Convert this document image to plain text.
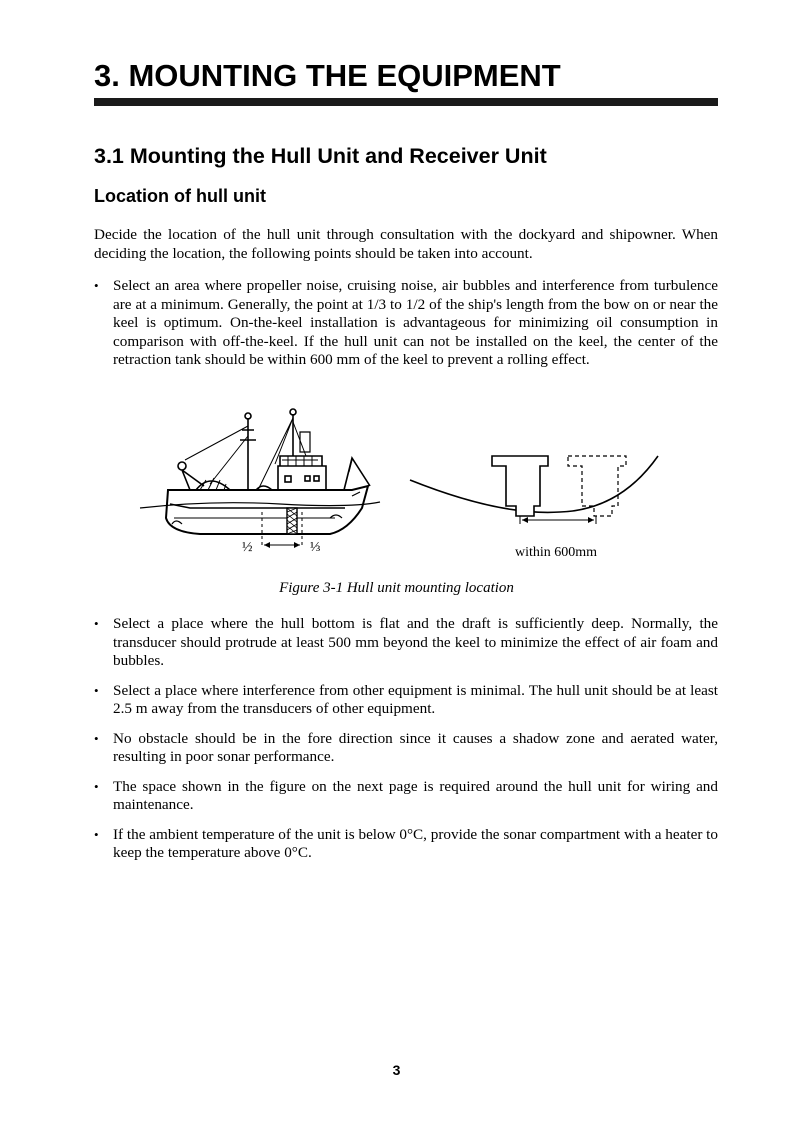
3. MOUNTING THE EQUIPMENT
3.1 Mounting the Hull Unit and Receiver Unit
Location of hull unit

Decide the location of the hull unit through consultation with the dockyard and shipowner. When deciding the location, the following points should be taken into account.

• Select an area where propeller noise, cruising noise, air bubbles and interference from turbulence are at a minimum. Generally, the point at 1/3 to 1/2 of the ship's length from the bow on or near the keel is optimum. On-the-keel installation is advantageous for minimizing oil consumption in comparison with off-the-keel. If the hull unit can not be installed on the keel, the center of the retraction tank should be within 600 mm of the keel to prevent a rolling effect.
½	⅓	within 600mm

Figure 3-1 Hull unit mounting location

• Select a place where the hull bottom is flat and the draft is sufficiently deep. Normally, the transducer should protrude at least 500 mm beyond the keel to minimize the effect of air foam and bubbles.
• Select a place where interference from other equipment is minimal. The hull unit should be at least 2.5 m away from the transducers of other equipment.
• No obstacle should be in the fore direction since it causes a shadow zone and aerated water, resulting in poor sonar performance.
• The space shown in the figure on the next page is required around the hull unit for wiring and maintenance.
• If the ambient temperature of the unit is below 0°C, provide the sonar compartment with a heater to keep the temperature above 0°C.
3
